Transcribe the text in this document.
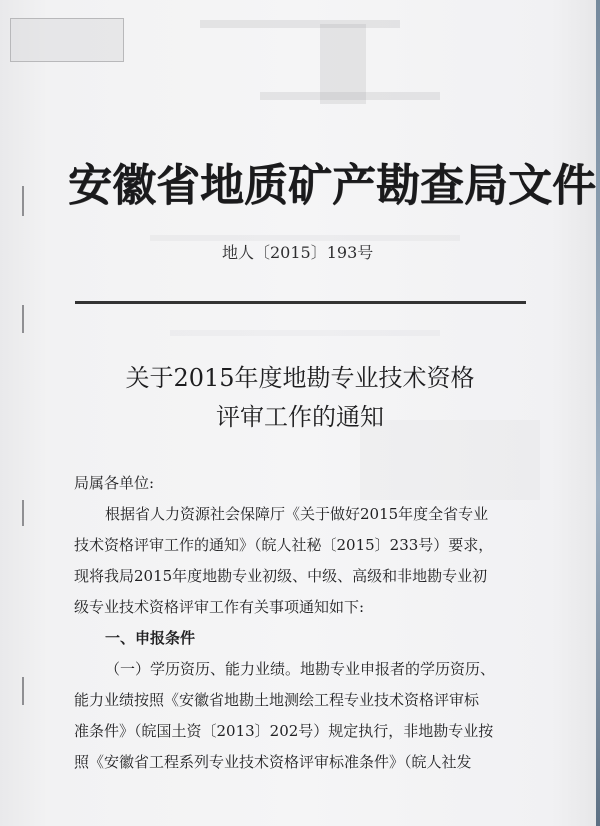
安徽省地质矿产勘查局文件
地人〔2015〕193号
关于2015年度地勘专业技术资格
评审工作的通知
局属各单位:
根据省人力资源社会保障厅《关于做好2015年度全省专业
技术资格评审工作的通知》（皖人社秘〔2015〕233号）要求，
现将我局2015年度地勘专业初级、中级、高级和非地勘专业初
级专业技术资格评审工作有关事项通知如下:
一、申报条件
（一）学历资历、能力业绩。地勘专业申报者的学历资历、
能力业绩按照《安徽省地勘土地测绘工程专业技术资格评审标
准条件》（皖国土资〔2013〕202号）规定执行，非地勘专业按
照《安徽省工程系列专业技术资格评审标准条件》（皖人社发
